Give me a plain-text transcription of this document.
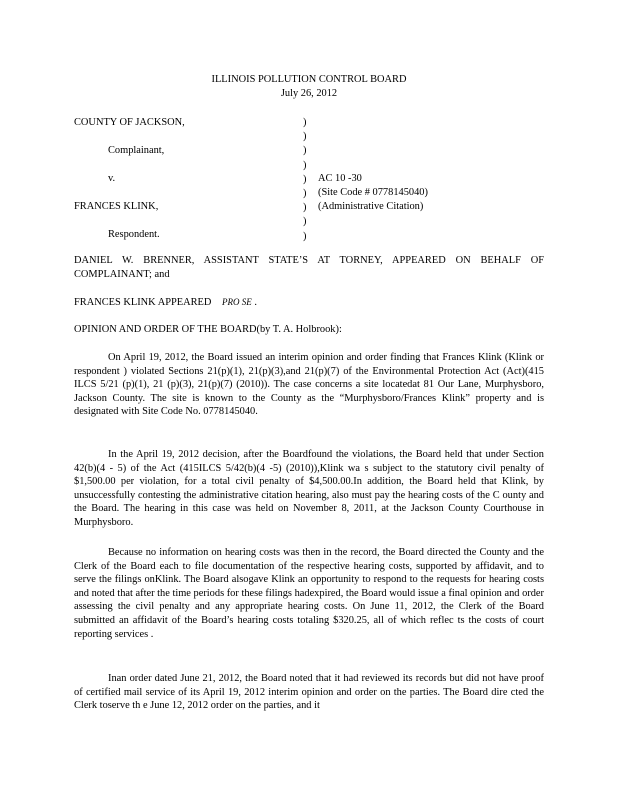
ILLINOIS POLLUTION CONTROL BOARD
July 26, 2012
COUNTY OF JACKSON,
Complainant,
v.
FRANCES KLINK,
Respondent.
)
)
)
)
)
)
)
)
)
AC 10 -30
(Site Code # 0778145040)
(Administrative Citation)
DANIEL W. BRENNER, ASSISTANT STATE’S AT TORNEY, APPEARED ON BEHALF OF
COMPLAINANT; and
FRANCES KLINK APPEARED PRO SE .
OPINION AND ORDER OF THE BOARD(by T. A. Holbrook):
On April 19, 2012, the Board issued an interim opinion and order finding that Frances Klink (Klink or respondent ) violated Sections 21(p)(1), 21(p)(3),and 21(p)(7) of the Environmental Protection Act (Act)(415 ILCS 5/21 (p)(1), 21 (p)(3), 21(p)(7) (2010)). The case concerns a site locatedat 81 Our Lane, Murphysboro, Jackson County. The site is known to the County as the “Murphysboro/Frances Klink” property and is designated with Site Code No. 0778145040.
In the April 19, 2012 decision, after the Boardfound the violations, the Board held that under Section 42(b)(4 - 5) of the Act (415ILCS 5/42(b)(4 -5) (2010)),Klink wa s subject to the statutory civil penalty of $1,500.00 per violation, for a total civil penalty of $4,500.00.In addition, the Board held that Klink, by unsuccessfully contesting the administrative citation hearing, also must pay the hearing costs of the C ounty and the Board. The hearing in this case was held on November 8, 2011, at the Jackson County Courthouse in Murphysboro.
Because no information on hearing costs was then in the record, the Board directed the County and the Clerk of the Board each to file documentation of the respective hearing costs, supported by affidavit, and to serve the filings onKlink. The Board alsogave Klink an opportunity to respond to the requests for hearing costs and noted that after the time periods for these filings hadexpired, the Board would issue a final opinion and order assessing the civil penalty and any appropriate hearing costs. On June 11, 2012, the Clerk of the Board submitted an affidavit of the Board’s hearing costs totaling $320.25, all of which reflec ts the costs of court reporting services .
Inan order dated June 21, 2012, the Board noted that it had reviewed its records but did not have proof of certified mail service of its April 19, 2012 interim opinion and order on the parties. The Board dire cted the Clerk toserve th e June 12, 2012 order on the parties, and it
